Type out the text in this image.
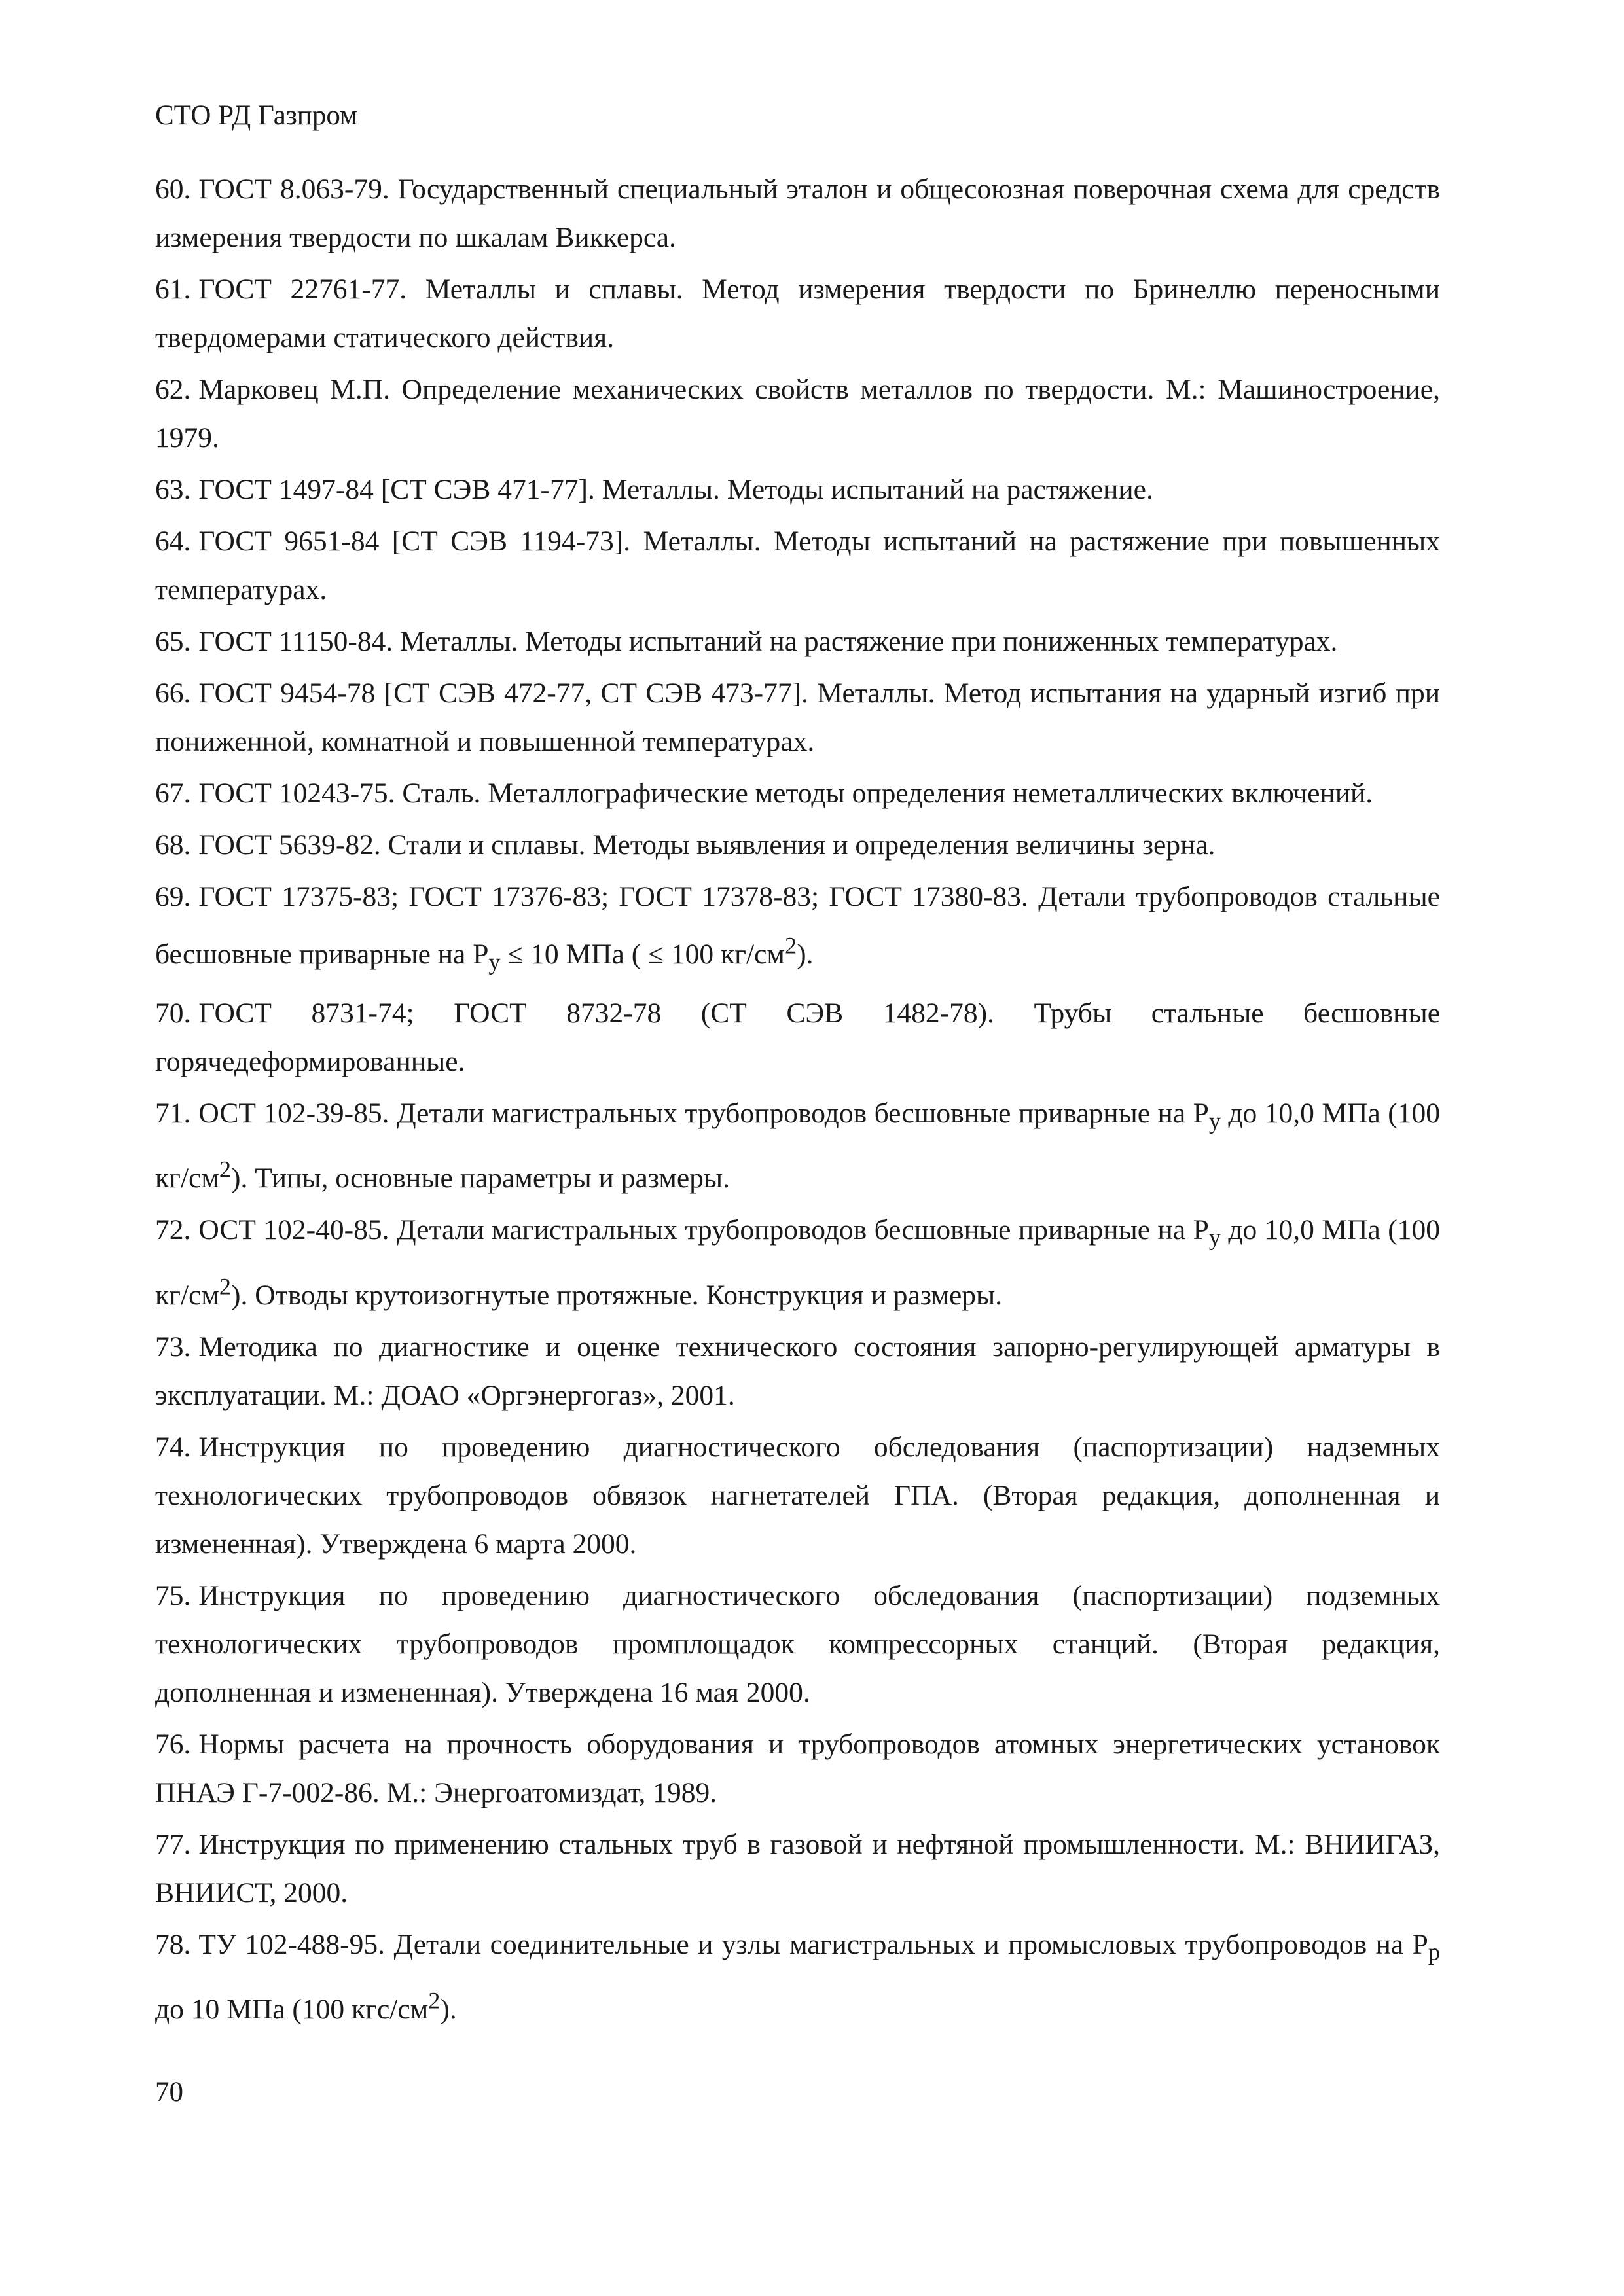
СТО РД Газпром
60. ГОСТ 8.063-79. Государственный специальный эталон и общесоюзная поверочная схема для средств измерения твердости по шкалам Виккерса.
61. ГОСТ 22761-77. Металлы и сплавы. Метод измерения твердости по Бринеллю переносными твердомерами статического действия.
62. Марковец М.П. Определение механических свойств металлов по твердости. М.: Машиностроение, 1979.
63. ГОСТ 1497-84 [СТ СЭВ 471-77]. Металлы. Методы испытаний на растяжение.
64. ГОСТ 9651-84 [СТ СЭВ 1194-73]. Металлы. Методы испытаний на растяжение при повышенных температурах.
65. ГОСТ 11150-84. Металлы. Методы испытаний на растяжение при пониженных температурах.
66. ГОСТ 9454-78 [СТ СЭВ 472-77, СТ СЭВ 473-77]. Металлы. Метод испытания на ударный изгиб при пониженной, комнатной и повышенной температурах.
67. ГОСТ 10243-75. Сталь. Металлографические методы определения неметаллических включений.
68. ГОСТ 5639-82. Стали и сплавы. Методы выявления и определения величины зерна.
69. ГОСТ 17375-83; ГОСТ 17376-83; ГОСТ 17378-83; ГОСТ 17380-83. Детали трубопроводов стальные бесшовные приварные на $Р_у \le 10$ МПа ( ≤ 100 $кг/см^2$).
70. ГОСТ 8731-74; ГОСТ 8732-78 (СТ СЭВ 1482-78). Трубы стальные бесшовные горячедеформированные.
71. ОСТ 102-39-85. Детали магистральных трубопроводов бесшовные приварные на $Р_у$ до 10,0 МПа (100 $кг/см^2$). Типы, основные параметры и размеры.
72. ОСТ 102-40-85. Детали магистральных трубопроводов бесшовные приварные на $Р_у$ до 10,0 МПа (100 $кг/см^2$). Отводы крутоизогнутые протяжные. Конструкция и размеры.
73. Методика по диагностике и оценке технического состояния запорно-регулирующей арматуры в эксплуатации. М.: ДОАО «Оргэнергогаз», 2001.
74. Инструкция по проведению диагностического обследования (паспортизации) надземных технологических трубопроводов обвязок нагнетателей ГПА. (Вторая редакция, дополненная и измененная). Утверждена 6 марта 2000.
75. Инструкция по проведению диагностического обследования (паспортизации) подземных технологических трубопроводов промплощадок компрессорных станций. (Вторая редакция, дополненная и измененная). Утверждена 16 мая 2000.
76. Нормы расчета на прочность оборудования и трубопроводов атомных энергетических установок ПНАЭ Г-7-002-86. М.: Энергоатомиздат, 1989.
77. Инструкция по применению стальных труб в газовой и нефтяной промышленности. М.: ВНИИГАЗ, ВНИИСТ, 2000.
78. ТУ 102-488-95. Детали соединительные и узлы магистральных и промысловых трубопроводов на $Р_р$ до 10 МПа (100 кгс/$см^2$).
70
